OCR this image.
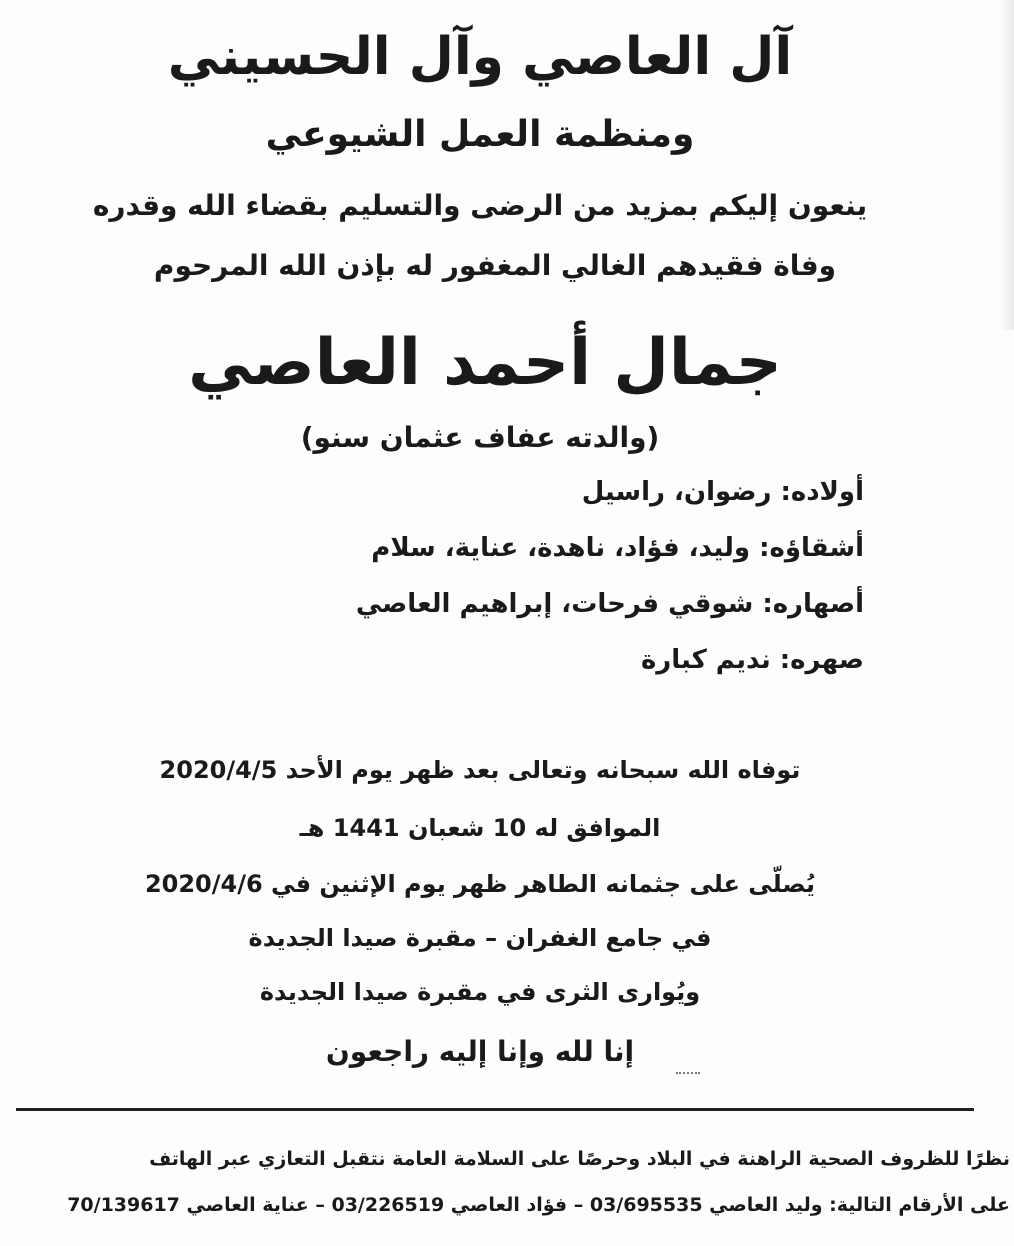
آل العاصي وآل الحسيني
ومنظمة العمل الشيوعي
ينعون إليكم بمزيد من الرضى والتسليم بقضاء الله وقدره
وفاة فقيدهم الغالي المغفور له بإذن الله المرحوم
جمال أحمد العاصي
(والدته عفاف عثمان سنو)
أولاده: رضوان، راسيل
أشقاؤه: وليد، فؤاد، ناهدة، عناية، سلام
أصهاره: شوقي فرحات، إبراهيم العاصي
صهره: نديم كبارة
توفاه الله سبحانه وتعالى بعد ظهر يوم الأحد 2020/4/5
الموافق له 10 شعبان 1441 هـ
يُصلّى على جثمانه الطاهر ظهر يوم الإثنين في 2020/4/6
في جامع الغفران – مقبرة صيدا الجديدة
ويُوارى الثرى في مقبرة صيدا الجديدة
إنا لله وإنا إليه راجعون
نظرًا للظروف الصحية الراهنة في البلاد وحرصًا على السلامة العامة نتقبل التعازي عبر الهاتف
على الأرقام التالية: وليد العاصي 03/695535 – فؤاد العاصي 03/226519 – عناية العاصي 70/139617
